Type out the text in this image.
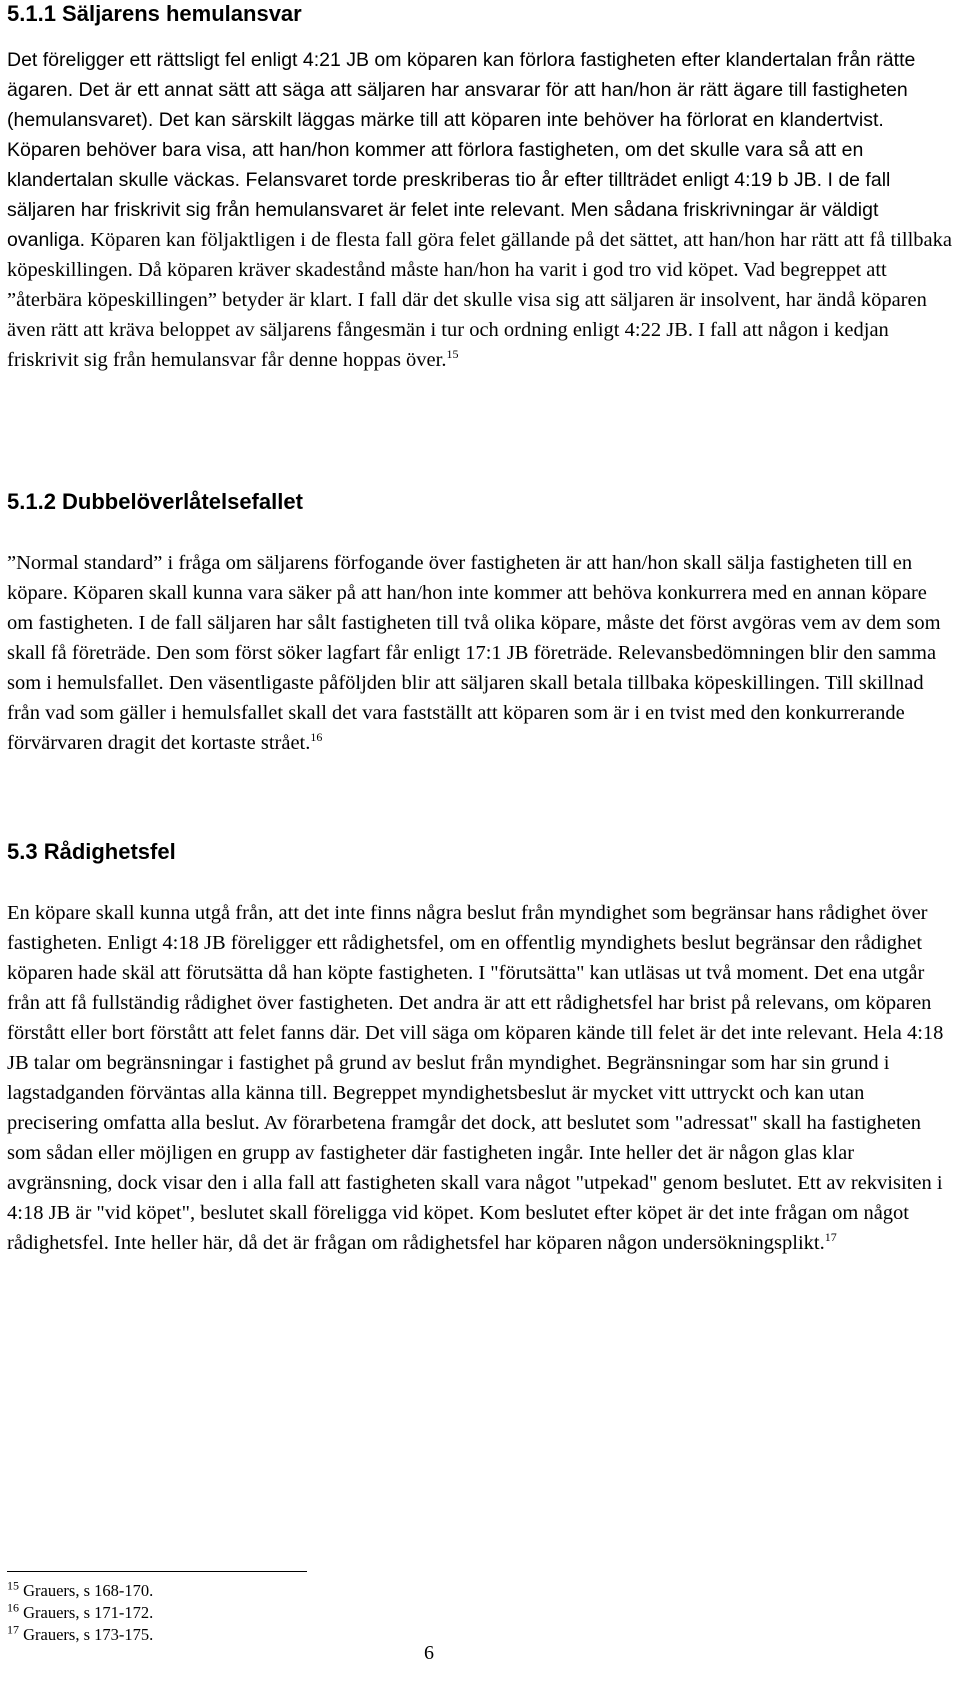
5.1.1 Säljarens hemulansvar

Det föreligger ett rättsligt fel enligt 4:21 JB om köparen kan förlora fastigheten efter klandertalan från rätte ägaren. Det är ett annat sätt att säga att säljaren har ansvarar för att han/hon är rätt ägare till fastigheten (hemulansvaret). Det kan särskilt läggas märke till att köparen inte behöver ha förlorat en klandertvist. Köparen behöver bara visa, att han/hon kommer att förlora fastigheten, om det skulle vara så att en klandertalan skulle väckas. Felansvaret torde preskriberas tio år efter tillträdet enligt 4:19 b JB. I de fall säljaren har friskrivit sig från hemulansvaret är felet inte relevant. Men sådana friskrivningar är väldigt ovanliga. Köparen kan följaktligen i de flesta fall göra felet gällande på det sättet, att han/hon har rätt att få tillbaka köpeskillingen. Då köparen kräver skadestånd måste han/hon ha varit i god tro vid köpet. Vad begreppet att ”återbära köpeskillingen” betyder är klart. I fall där det skulle visa sig att säljaren är insolvent, har ändå köparen även rätt att kräva beloppet av säljarens fångesmän i tur och ordning enligt 4:22 JB. I fall att någon i kedjan friskrivit sig från hemulansvar får denne hoppas över.$^{15}$

5.1.2 Dubbelöverlåtelsefallet

”Normal standard” i fråga om säljarens förfogande över fastigheten är att han/hon skall sälja fastigheten till en köpare. Köparen skall kunna vara säker på att han/hon inte kommer att behöva konkurrera med en annan köpare om fastigheten. I de fall säljaren har sålt fastigheten till två olika köpare, måste det först avgöras vem av dem som skall få företräde. Den som först söker lagfart får enligt 17:1 JB företräde. Relevansbedömningen blir den samma som i hemulsfallet. Den väsentligaste påföljden blir att säljaren skall betala tillbaka köpeskillingen. Till skillnad från vad som gäller i hemulsfallet skall det vara fastställt att köparen som är i en tvist med den konkurrerande förvärvaren dragit det kortaste strået.$^{16}$

5.3 Rådighetsfel

En köpare skall kunna utgå från, att det inte finns några beslut från myndighet som begränsar hans rådighet över fastigheten. Enligt 4:18 JB föreligger ett rådighetsfel, om en offentlig myndighets beslut begränsar den rådighet köparen hade skäl att förutsätta då han köpte fastigheten. I "förutsätta" kan utläsas ut två moment. Det ena utgår från att få fullständig rådighet över fastigheten. Det andra är att ett rådighetsfel har brist på relevans, om köparen förstått eller bort förstått att felet fanns där. Det vill säga om köparen kände till felet är det inte relevant. Hela 4:18 JB talar om begränsningar i fastighet på grund av beslut från myndighet. Begränsningar som har sin grund i lagstadganden förväntas alla känna till. Begreppet myndighetsbeslut är mycket vitt uttryckt och kan utan precisering omfatta alla beslut. Av förarbetena framgår det dock, att beslutet som "adressat" skall ha fastigheten som sådan eller möjligen en grupp av fastigheter där fastigheten ingår. Inte heller det är någon glas klar avgränsning, dock visar den i alla fall att fastigheten skall vara något "utpekad" genom beslutet. Ett av rekvisiten i 4:18 JB är "vid köpet", beslutet skall föreligga vid köpet. Kom beslutet efter köpet är det inte frågan om något rådighetsfel. Inte heller här, då det är frågan om rådighetsfel har köparen någon undersökningsplikt.$^{17}$

$^{15}$ Grauers, s 168-170.
$^{16}$ Grauers, s 171-172.
$^{17}$ Grauers, s 173-175.
6
